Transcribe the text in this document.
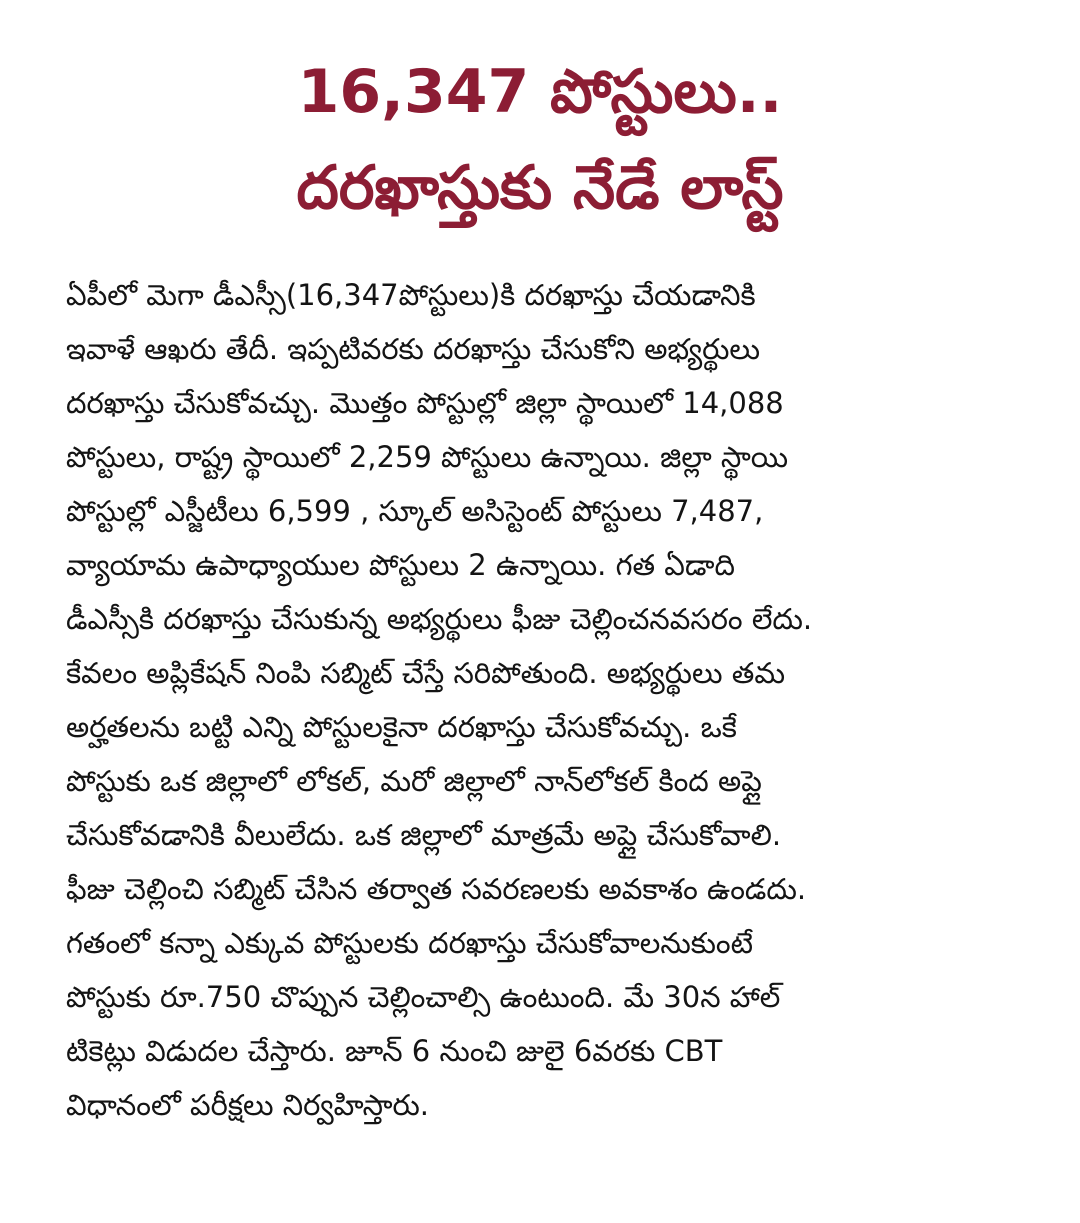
16,347 పోస్టులు..
దరఖాస్తుకు నేడే లాస్ట్
ఏపీలో మెగా డీఎస్సీ(16,347పోస్టులు)కి దరఖాస్తు చేయడానికి
ఇవాళే ఆఖరు తేదీ. ఇప్పటివరకు దరఖాస్తు చేసుకోని అభ్యర్థులు
దరఖాస్తు చేసుకోవచ్చు. మొత్తం పోస్టుల్లో జిల్లా స్థాయిలో 14,088
పోస్టులు, రాష్ట్ర స్థాయిలో 2,259 పోస్టులు ఉన్నాయి. జిల్లా స్థాయి
పోస్టుల్లో ఎస్జీటీలు 6,599 , స్కూల్ అసిస్టెంట్ పోస్టులు 7,487,
వ్యాయామ ఉపాధ్యాయుల పోస్టులు 2 ఉన్నాయి. గత ఏడాది
డీఎస్సీకి దరఖాస్తు చేసుకున్న అభ్యర్థులు ఫీజు చెల్లించనవసరం లేదు.
కేవలం అప్లికేషన్ నింపి సబ్మిట్ చేస్తే సరిపోతుంది. అభ్యర్థులు తమ
అర్హతలను బట్టి ఎన్ని పోస్టులకైనా దరఖాస్తు చేసుకోవచ్చు. ఒకే
పోస్టుకు ఒక జిల్లాలో లోకల్, మరో జిల్లాలో నాన్‌లోకల్ కింద అప్లై
చేసుకోవడానికి వీలులేదు. ఒక జిల్లాలో మాత్రమే అప్లై చేసుకోవాలి.
ఫీజు చెల్లించి సబ్మిట్ చేసిన తర్వాత సవరణలకు అవకాశం ఉండదు.
గతంలో కన్నా ఎక్కువ పోస్టులకు దరఖాస్తు చేసుకోవాలనుకుంటే
పోస్టుకు రూ.750 చొప్పున చెల్లించాల్సి ఉంటుంది. మే 30న హాల్
టికెట్లు విడుదల చేస్తారు. జూన్ 6 నుంచి జులై 6వరకు CBT
విధానంలో పరీక్షలు నిర్వహిస్తారు.
